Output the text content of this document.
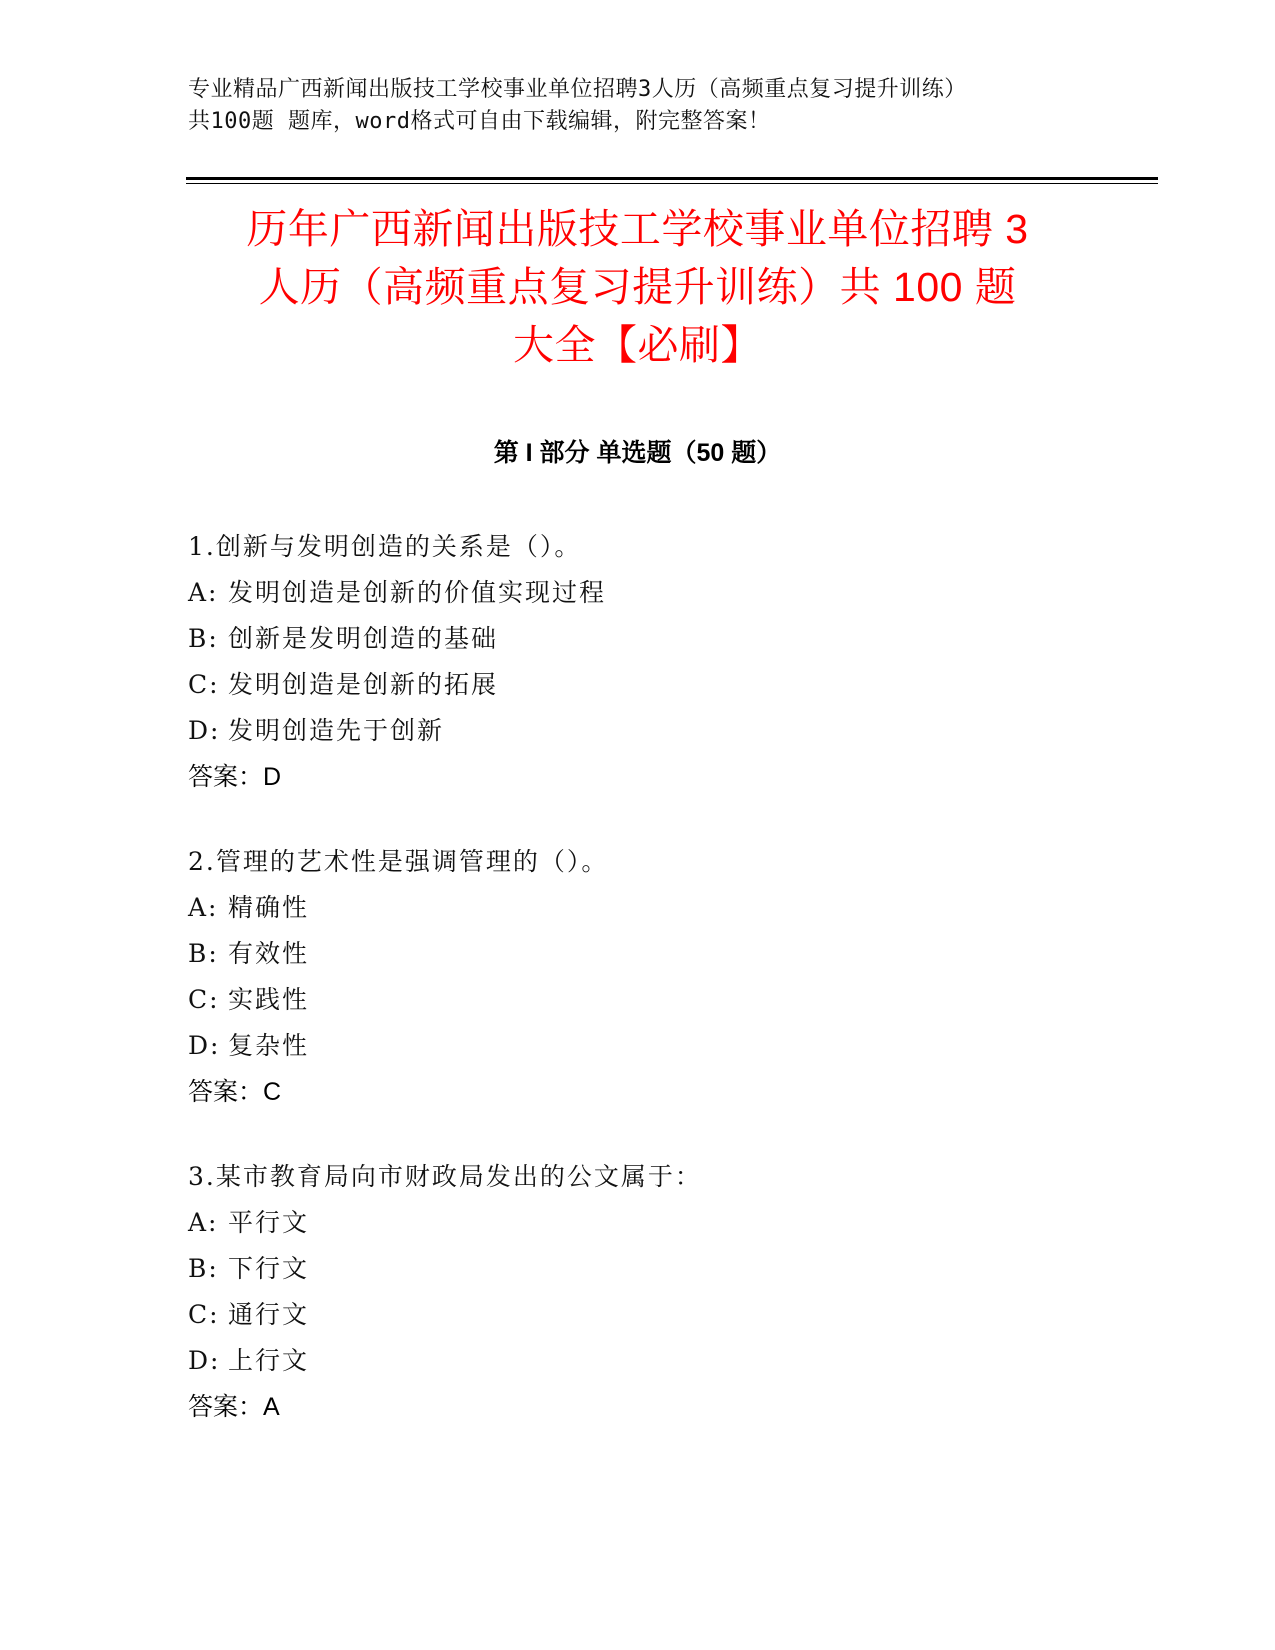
专业精品广西新闻出版技工学校事业单位招聘3人历（高频重点复习提升训练）
共100题 题库，word格式可自由下载编辑，附完整答案！
历年广西新闻出版技工学校事业单位招聘 3
人历（高频重点复习提升训练）共 100 题
大全【必刷】
第 I 部分 单选题（50 题）
1.创新与发明创造的关系是（）。
A: 发明创造是创新的价值实现过程
B: 创新是发明创造的基础
C: 发明创造是创新的拓展
D: 发明创造先于创新
答案：D
2.管理的艺术性是强调管理的（）。
A: 精确性
B: 有效性
C: 实践性
D: 复杂性
答案：C
3.某市教育局向市财政局发出的公文属于：
A: 平行文
B: 下行文
C: 通行文
D: 上行文
答案：A
